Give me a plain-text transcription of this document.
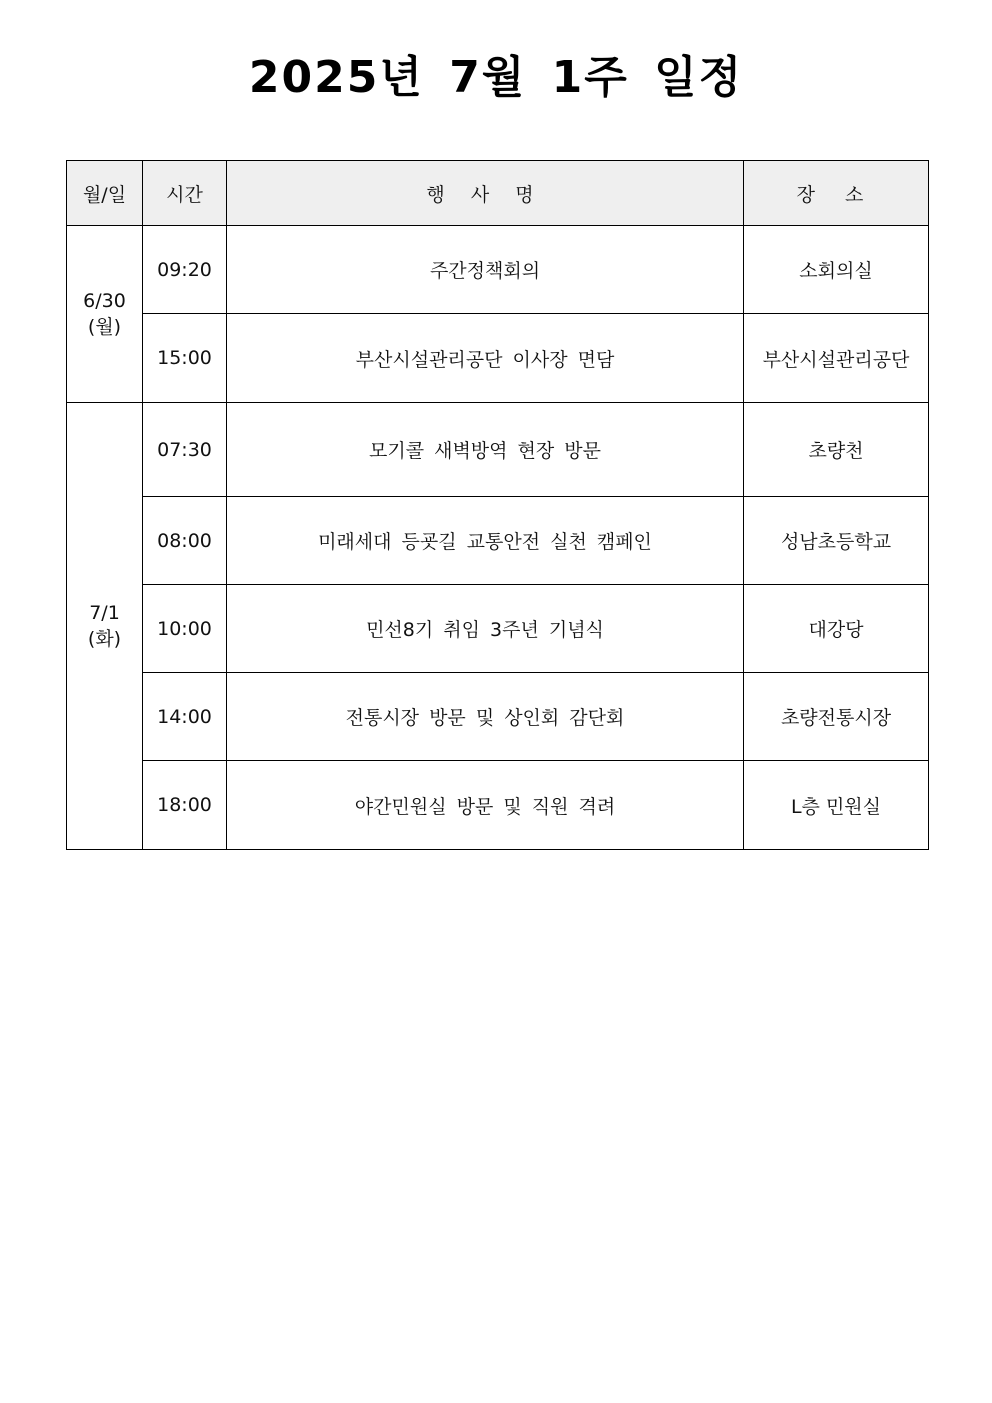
2025년 7월 1주 일정
월/일	시간	행 사 명	장 소

6/30
(월)	09:20	주간정책회의	소회의실
	15:00	부산시설관리공단 이사장 면담	부산시설관리공단

7/1
(화)	07:30	모기콜 새벽방역 현장 방문	초량천
	08:00	미래세대 등굣길 교통안전 실천 캠페인	성남초등학교
	10:00	민선8기 취임 3주년 기념식	대강당
	14:00	전통시장 방문 및 상인회 감단회	초량전통시장
	18:00	야간민원실 방문 및 직원 격려	L층 민원실
